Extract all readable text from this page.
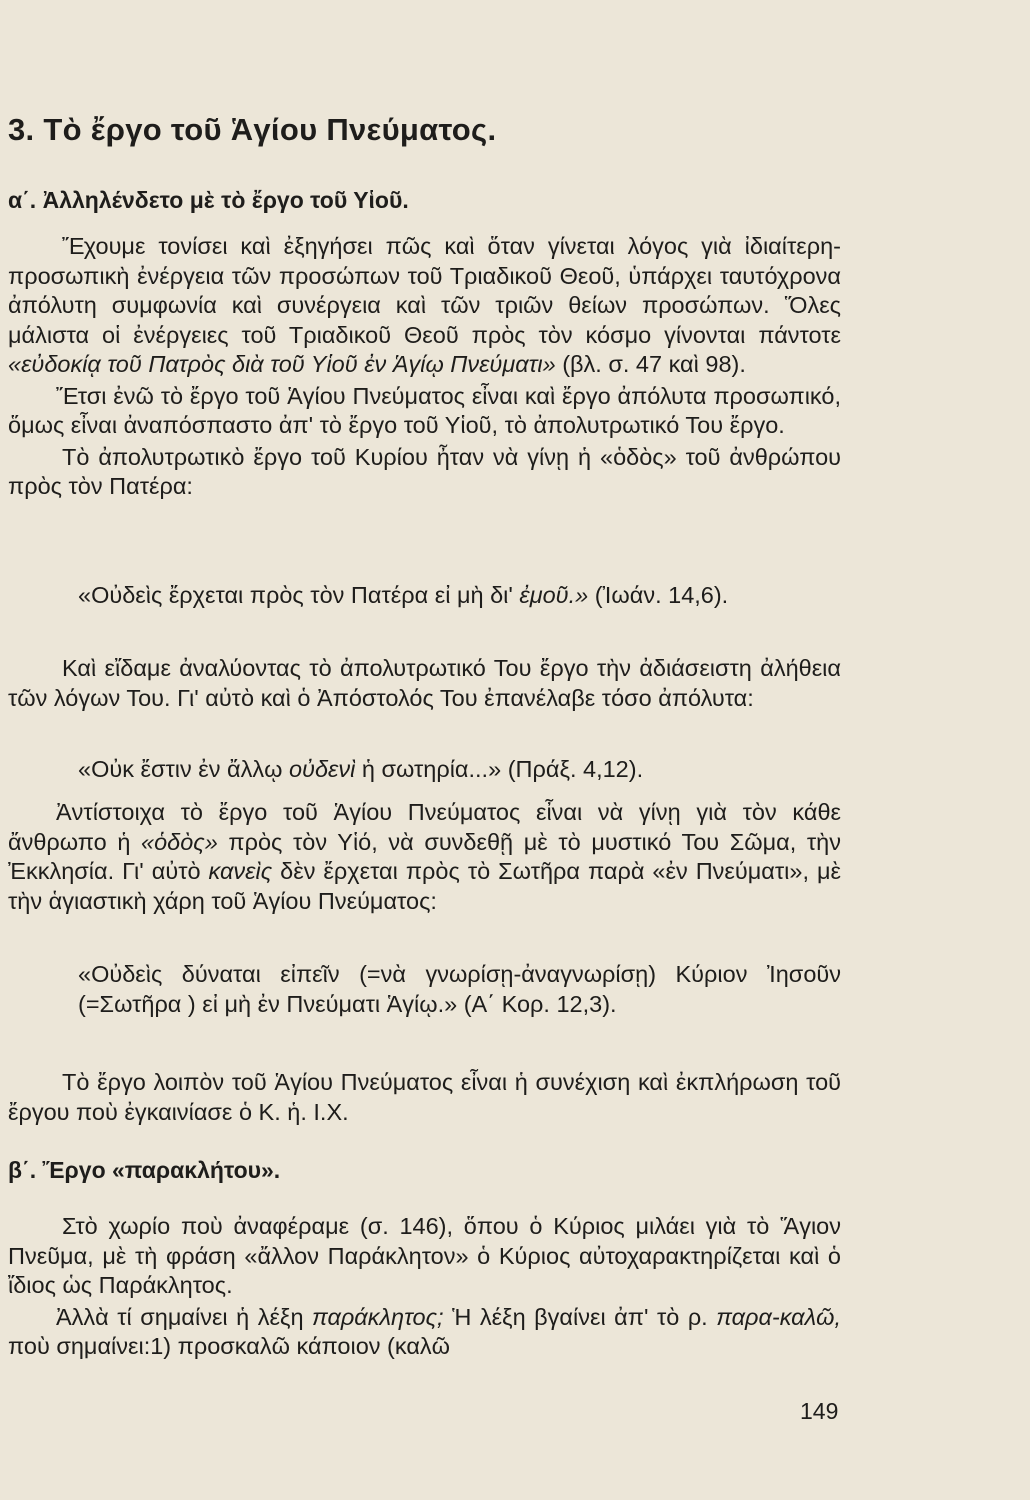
3. Τὸ ἔργο τοῦ Ἁγίου Πνεύματος.
α΄. Ἀλληλένδετο μὲ τὸ ἔργο τοῦ Υἱοῦ.

Ἔχουμε τονίσει καὶ ἐξηγήσει πῶς καὶ ὅταν γίνεται λόγος γιὰ ἰδιαίτερη-προσωπικὴ ἐνέργεια τῶν προσώπων τοῦ Τριαδικοῦ Θεοῦ, ὑπάρχει ταυτόχρονα ἀπόλυτη συμφωνία καὶ συνέργεια καὶ τῶν τριῶν θείων προσώπων. Ὅλες μάλιστα οἱ ἐνέργειες τοῦ Τριαδικοῦ Θεοῦ πρὸς τὸν κόσμο γίνονται πάντοτε «εὐδοκίᾳ τοῦ Πατρὸς διὰ τοῦ Υἱοῦ ἐν Ἁγίῳ Πνεύματι» (βλ. σ. 47 καὶ 98).

Ἔτσι ἐνῶ τὸ ἔργο τοῦ Ἁγίου Πνεύματος εἶναι καὶ ἔργο ἀπόλυτα προσωπικό, ὅμως εἶναι ἀναπόσπαστο ἀπ' τὸ ἔργο τοῦ Υἱοῦ, τὸ ἀπολυτρωτικό Του ἔργο.

Τὸ ἀπολυτρωτικὸ ἔργο τοῦ Κυρίου ἦταν νὰ γίνῃ ἡ «ὁδὸς» τοῦ ἀνθρώπου πρὸς τὸν Πατέρα:

«Οὐδεὶς ἔρχεται πρὸς τὸν Πατέρα εἰ μὴ δι' ἐμοῦ.» (Ἰωάν. 14,6).

Καὶ εἴδαμε ἀναλύοντας τὸ ἀπολυτρωτικό Του ἔργο τὴν ἀδιάσειστη ἀλήθεια τῶν λόγων Του. Γι' αὐτὸ καὶ ὁ Ἀπόστολός Του ἐπανέλαβε τόσο ἀπόλυτα:

«Οὐκ ἔστιν ἐν ἄλλῳ οὐδενὶ ἡ σωτηρία...» (Πράξ. 4,12).

Ἀντίστοιχα τὸ ἔργο τοῦ Ἁγίου Πνεύματος εἶναι νὰ γίνῃ γιὰ τὸν κάθε ἄνθρωπο ἡ «ὁδὸς» πρὸς τὸν Υἱό, νὰ συνδεθῇ μὲ τὸ μυστικό Του Σῶμα, τὴν Ἐκκλησία. Γι' αὐτὸ κανεὶς δὲν ἔρχεται πρὸς τὸ Σωτῆρα παρὰ «ἐν Πνεύματι», μὲ τὴν ἁγιαστικὴ χάρη τοῦ Ἁγίου Πνεύματος:

«Οὐδεὶς δύναται εἰπεῖν (=νὰ γνωρίσῃ-ἀναγνωρίσῃ) Κύριον Ἰησοῦν (=Σωτῆρα ) εἰ μὴ ἐν Πνεύματι Ἁγίῳ.» (Α΄ Κορ. 12,3).

Τὸ ἔργο λοιπὸν τοῦ Ἁγίου Πνεύματος εἶναι ἡ συνέχιση καὶ ἐκπλήρωση τοῦ ἔργου ποὺ ἐγκαινίασε ὁ Κ. ἡ. Ι.Χ.

β΄. Ἔργο «παρακλήτου».

Στὸ χωρίο ποὺ ἀναφέραμε (σ. 146), ὅπου ὁ Κύριος μιλάει γιὰ τὸ Ἅγιον Πνεῦμα, μὲ τὴ φράση «ἄλλον Παράκλητον» ὁ Κύριος αὐτοχαρακτηρίζεται καὶ ὁ ἴδιος ὡς Παράκλητος.

Ἀλλὰ τί σημαίνει ἡ λέξη παράκλητος; Ἡ λέξη βγαίνει ἀπ' τὸ ρ. παρα-καλῶ, ποὺ σημαίνει:1) προσκαλῶ κάποιον (καλῶ

149
